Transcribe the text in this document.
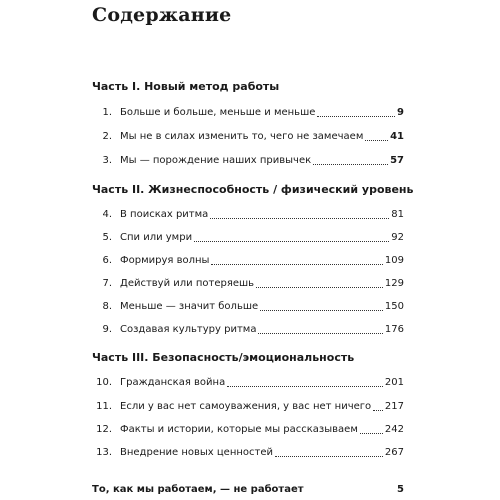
Содержание
Часть I. Новый метод работы
1. Больше и больше, меньше и меньше	9
2. Мы не в силах изменить то, чего не замечаем	41
3. Мы — порождение наших привычек	57
Часть II. Жизнеспособность / физический уровень
4. В поисках ритма	81
5. Спи или умри	92
6. Формируя волны	109
7. Действуй или потеряешь	129
8. Меньше — значит больше	150
9. Создавая культуру ритма	176
Часть III. Безопасность/эмоциональность
10. Гражданская война	201
11. Если у вас нет самоуважения, у вас нет ничего 217
12. Факты и истории, которые мы рассказываем	242
13. Внедрение новых ценностей	267
То, как мы работаем, — не работает	5
